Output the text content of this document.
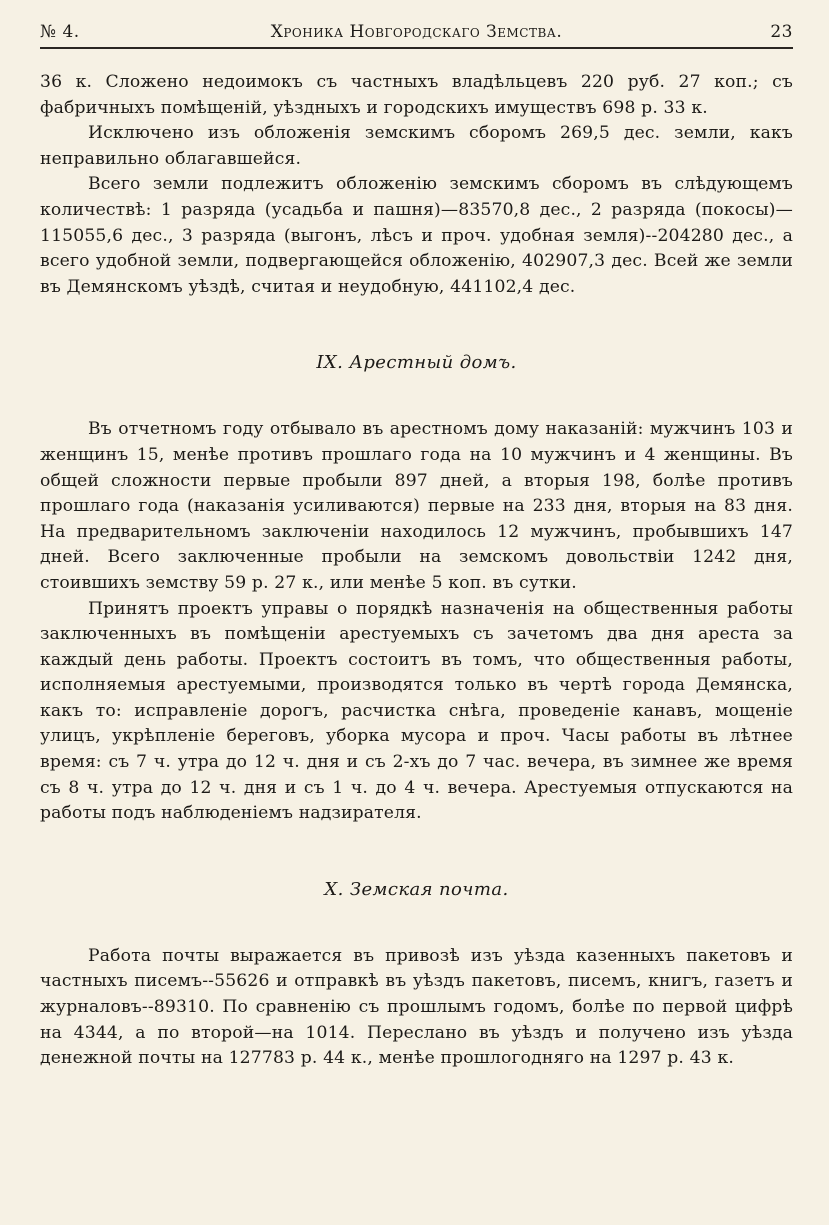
№ 4.	Хроника Новгородскаго Земства.	23

36 к. Сложено недоимокъ съ частныхъ владѣльцевъ 220 руб. 27 коп.; съ фабричныхъ помѣщеній, уѣздныхъ и городскихъ имуществъ 698 р. 33 к.

Исключено изъ обложенія земскимъ сборомъ 269,5 дес. земли, какъ неправильно облагавшейся.

Всего земли подлежитъ обложенію земскимъ сборомъ въ слѣдующемъ количествѣ: 1 разряда (усадьба и пашня)—83570,8 дес., 2 разряда (покосы)—115055,6 дес., 3 разряда (выгонъ, лѣсъ и проч. удобная земля)--204280 дес., а всего удобной земли, подвергающейся обложенію, 402907,3 дес. Всей же земли въ Демянскомъ уѣздѣ, считая и неудобную, 441102,4 дес.

IX. Арестный домъ.

Въ отчетномъ году отбывало въ арестномъ дому наказаній: мужчинъ 103 и женщинъ 15, менѣе противъ прошлаго года на 10 мужчинъ и 4 женщины. Въ общей сложности первые пробыли 897 дней, а вторыя 198, болѣе противъ прошлаго года (наказанія усиливаются) первые на 233 дня, вторыя на 83 дня. На предварительномъ заключеніи находилось 12 мужчинъ, пробывшихъ 147 дней. Всего заключенные пробыли на земскомъ довольствіи 1242 дня, стоившихъ земству 59 р. 27 к., или менѣе 5 коп. въ сутки.

Принятъ проектъ управы о порядкѣ назначенія на общественныя работы заключенныхъ въ помѣщеніи арестуемыхъ съ зачетомъ два дня ареста за каждый день работы. Проектъ состоитъ въ томъ, что общественныя работы, исполняемыя арестуемыми, производятся только въ чертѣ города Демянска, какъ то: исправленіе дорогъ, расчистка снѣга, проведеніе канавъ, мощеніе улицъ, укрѣпленіе береговъ, уборка мусора и проч. Часы работы въ лѣтнее время: съ 7 ч. утра до 12 ч. дня и съ 2-хъ до 7 час. вечера, въ зимнее же время съ 8 ч. утра до 12 ч. дня и съ 1 ч. до 4 ч. вечера. Арестуемыя отпускаются на работы подъ наблюденіемъ надзирателя.

X. Земская почта.

Работа почты выражается въ привозѣ изъ уѣзда казенныхъ пакетовъ и частныхъ писемъ--55626 и отправкѣ въ уѣздъ пакетовъ, писемъ, книгъ, газетъ и журналовъ--89310. По сравненію съ прошлымъ годомъ, болѣе по первой цифрѣ на 4344, а по второй—на 1014. Переслано въ уѣздъ и получено изъ уѣзда денежной почты на 127783 р. 44 к., менѣе прошлогодняго на 1297 р. 43 к.
